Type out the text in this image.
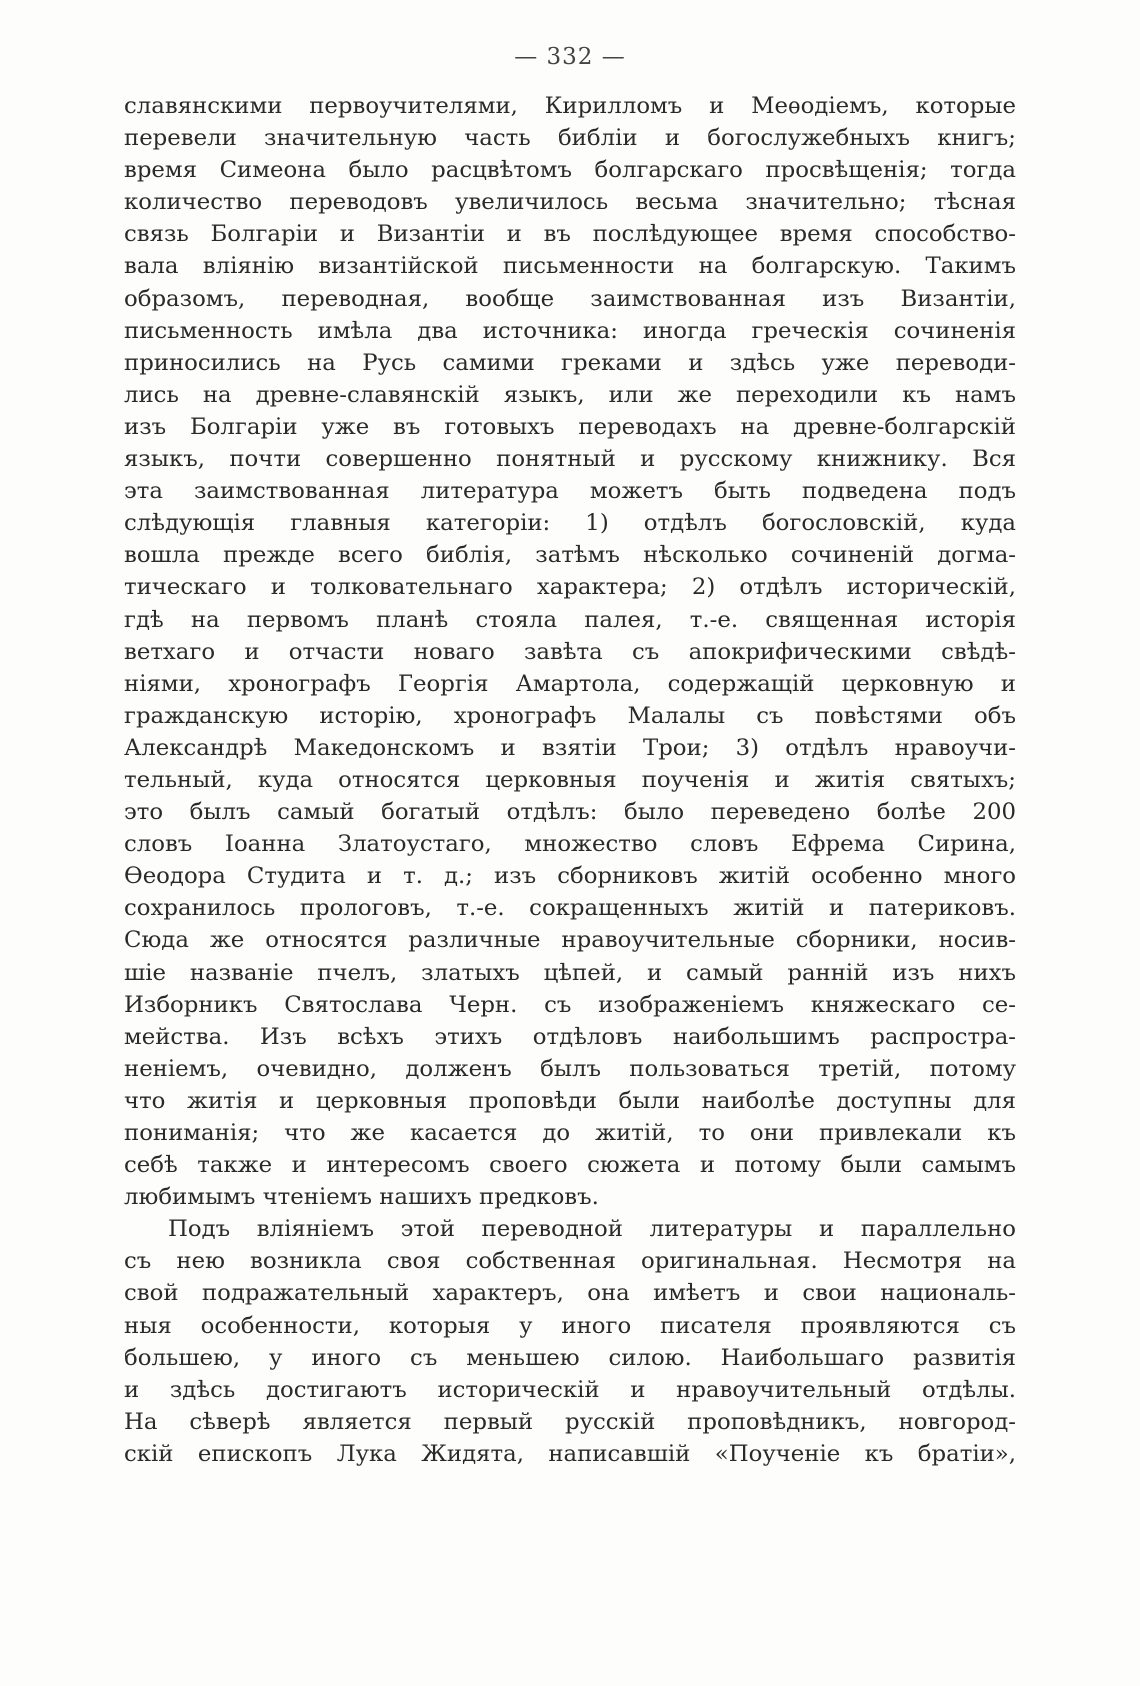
— 332 —
славянскими первоучителями, Кирилломъ и Меѳодіемъ, которые
перевели значительную часть библіи и богослужебныхъ книгъ;
время Симеона было расцвѣтомъ болгарскаго просвѣщенія; тогда
количество переводовъ увеличилось весьма значительно; тѣсная
связь Болгаріи и Византіи и въ послѣдующее время способство-
вала вліянію византійской письменности на болгарскую. Такимъ
образомъ, переводная, вообще заимствованная изъ Византіи,
письменность имѣла два источника: иногда греческія сочиненія
приносились на Русь самими греками и здѣсь уже переводи-
лись на древне-славянскій языкъ, или же переходили къ намъ
изъ Болгаріи уже въ готовыхъ переводахъ на древне-болгарскій
языкъ, почти совершенно понятный и русскому книжнику. Вся
эта заимствованная литература можетъ быть подведена подъ
слѣдующія главныя категоріи: 1) отдѣлъ богословскій, куда
вошла прежде всего библія, затѣмъ нѣсколько сочиненій догма-
тическаго и толковательнаго характера; 2) отдѣлъ историческій,
гдѣ на первомъ планѣ стояла палея, т.-е. священная исторія
ветхаго и отчасти новаго завѣта съ апокрифическими свѣдѣ-
ніями, хронографъ Георгія Амартола, содержащій церковную и
гражданскую исторію, хронографъ Малалы съ повѣстями объ
Александрѣ Македонскомъ и взятіи Трои; 3) отдѣлъ нравоучи-
тельный, куда относятся церковныя поученія и житія святыхъ;
это былъ самый богатый отдѣлъ: было переведено болѣе 200
словъ Іоанна Златоустаго, множество словъ Ефрема Сирина,
Ѳеодора Студита и т. д.; изъ сборниковъ житій особенно много
сохранилось прологовъ, т.-е. сокращенныхъ житій и патериковъ.
Сюда же относятся различные нравоучительные сборники, носив-
шіе названіе пчелъ, златыхъ цѣпей, и самый раннiй изъ нихъ
Изборникъ Святослава Черн. съ изображеніемъ княжескаго се-
мейства. Изъ всѣхъ этихъ отдѣловъ наибольшимъ распростра-
неніемъ, очевидно, долженъ былъ пользоваться третій, потому
что житія и церковныя проповѣди были наиболѣе доступны для
пониманія; что же касается до житій, то они привлекали къ
себѣ также и интересомъ своего сюжета и потому были самымъ
любимымъ чтеніемъ нашихъ предковъ.
Подъ вліяніемъ этой переводной литературы и параллельно
съ нею возникла своя собственная оригинальная. Несмотря на
свой подражательный характеръ, она имѣетъ и свои националь-
ныя особенности, которыя у иного писателя проявляются съ
большею, у иного съ меньшею силою. Наибольшаго развитія
и здѣсь достигаютъ историческій и нравоучительный отдѣлы.
На сѣверѣ является первый русскій проповѣдникъ, новгород-
скій епископъ Лука Жидята, написавшій «Поученіе къ братіи»,
